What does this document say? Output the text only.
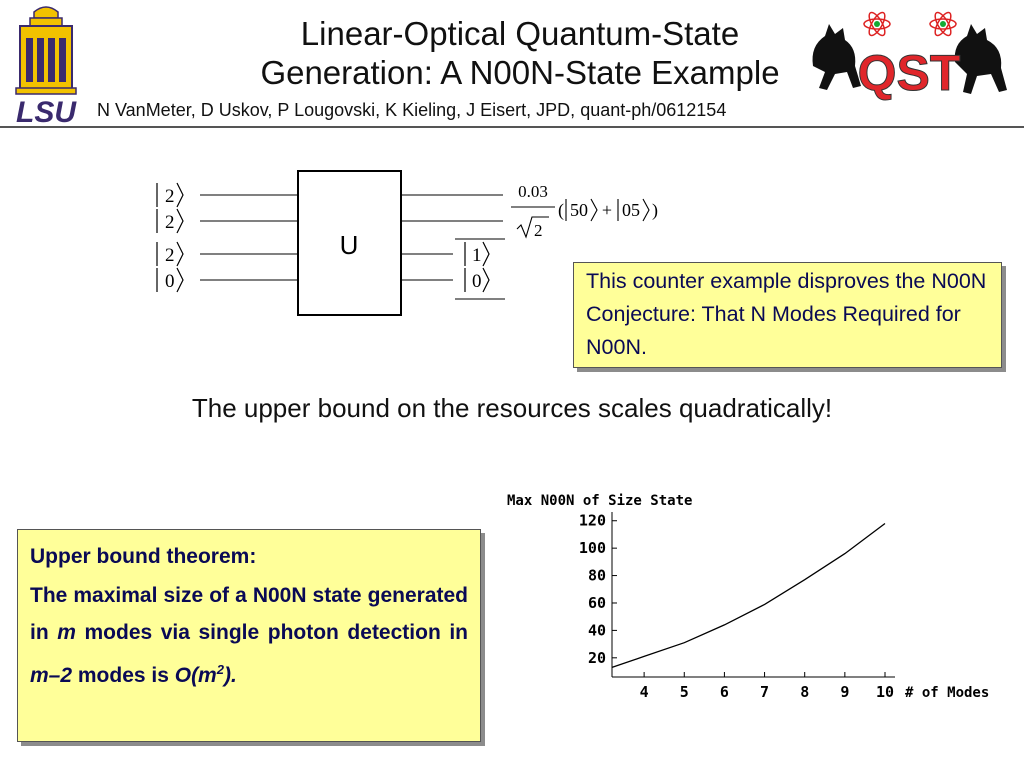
LSU
Linear-Optical Quantum-State
Generation: A N00N-State Example
N VanMeter, D Uskov, P Lougovski, K Kieling, J Eisert, JPD, quant-ph/0612154
QST
2
2
2
0
U	1
0
0.03
2
( 50 + 05 )
This counter example disproves the N00N Conjecture: That N Modes Required for N00N.
The upper bound on the resources scales quadratically!
Upper bound theorem:

The maximal size of a N00N state generated in m modes via single photon detection in m–2 modes is $O(m^2)$.

Max N00N of Size State
4 5 6 7 8 9 10
20
40
60
80
100
120
# of Modes
